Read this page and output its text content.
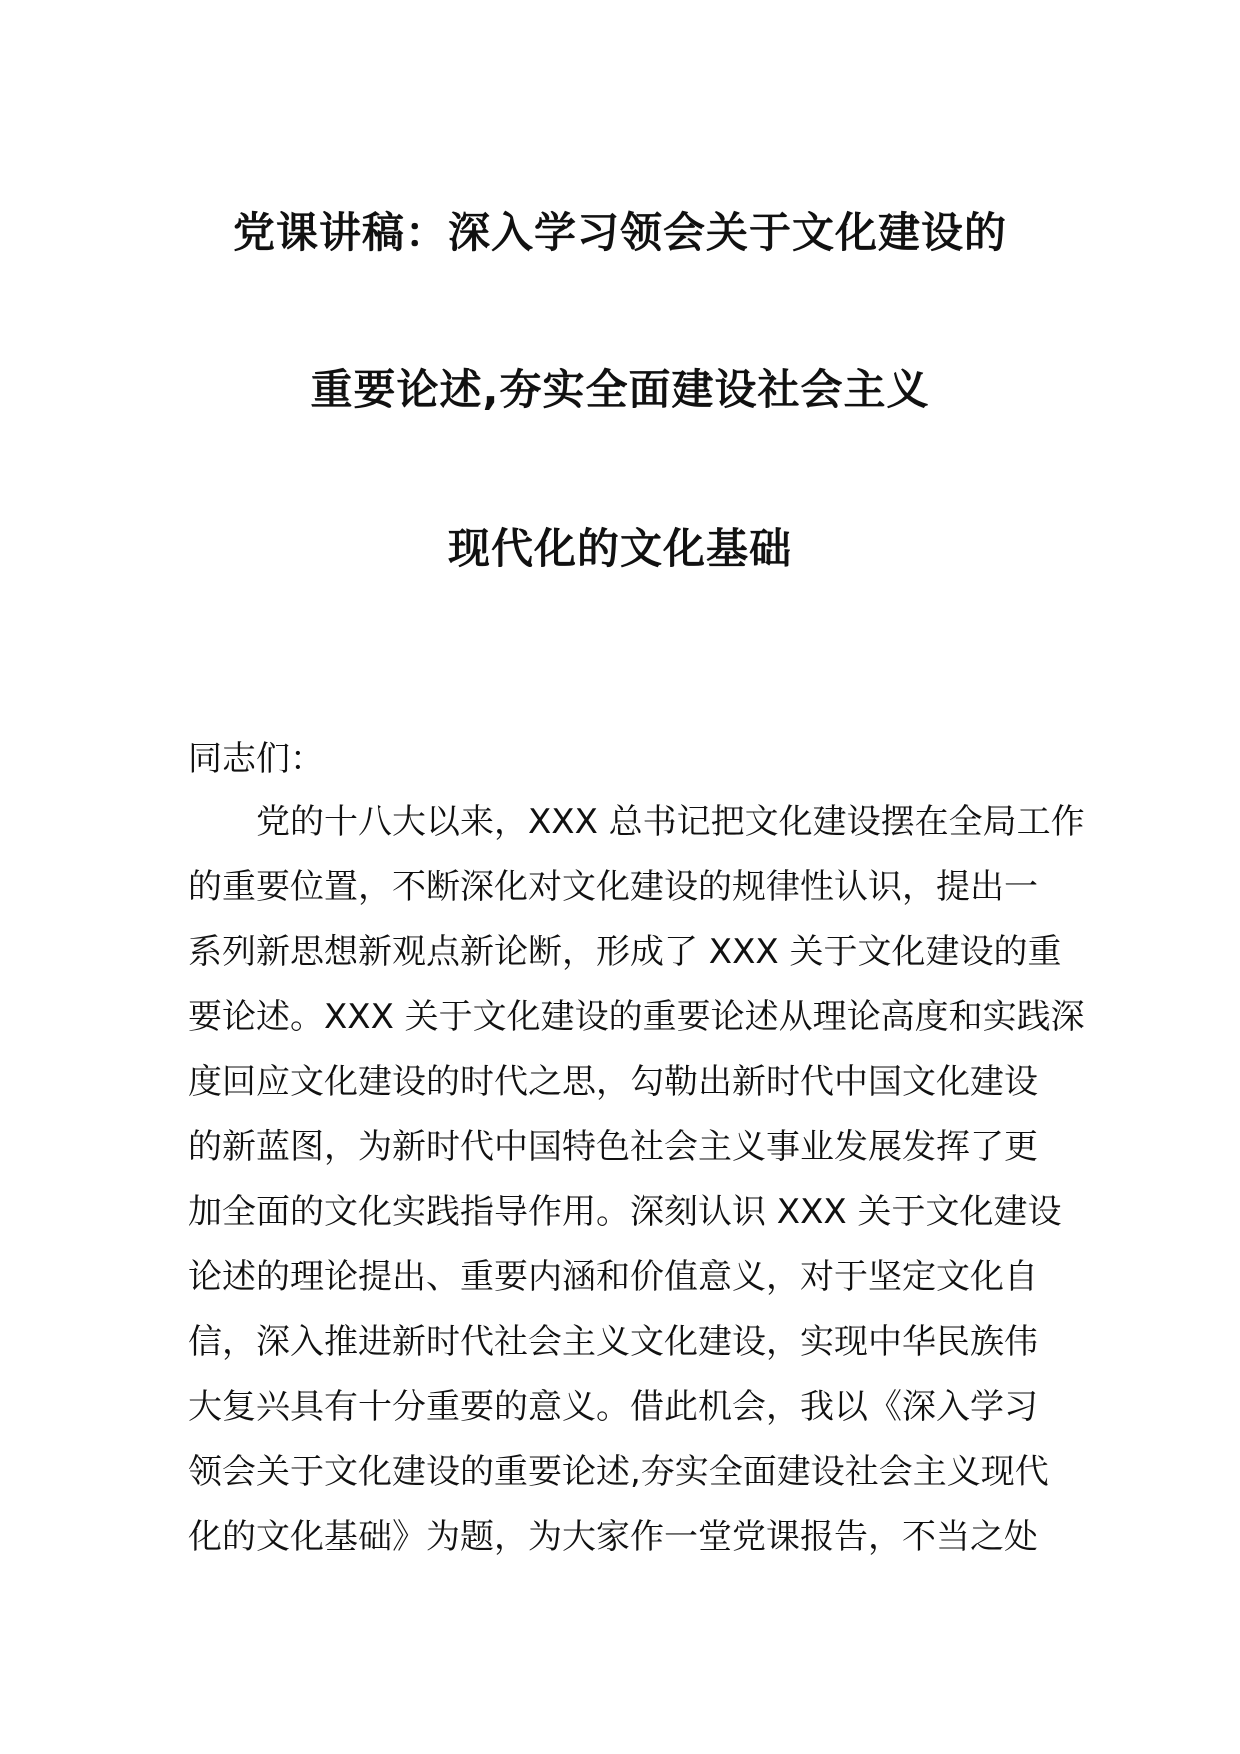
党课讲稿：深入学习领会关于文化建设的
重要论述,夯实全面建设社会主义
现代化的文化基础
同志们：
党的十八大以来，XXX 总书记把文化建设摆在全局工作
的重要位置，不断深化对文化建设的规律性认识，提出一
系列新思想新观点新论断，形成了 XXX 关于文化建设的重
要论述。XXX 关于文化建设的重要论述从理论高度和实践深
度回应文化建设的时代之思，勾勒出新时代中国文化建设
的新蓝图，为新时代中国特色社会主义事业发展发挥了更
加全面的文化实践指导作用。深刻认识 XXX 关于文化建设
论述的理论提出、重要内涵和价值意义，对于坚定文化自
信，深入推进新时代社会主义文化建设，实现中华民族伟
大复兴具有十分重要的意义。借此机会，我以《深入学习
领会关于文化建设的重要论述,夯实全面建设社会主义现代
化的文化基础》为题，为大家作一堂党课报告，不当之处
